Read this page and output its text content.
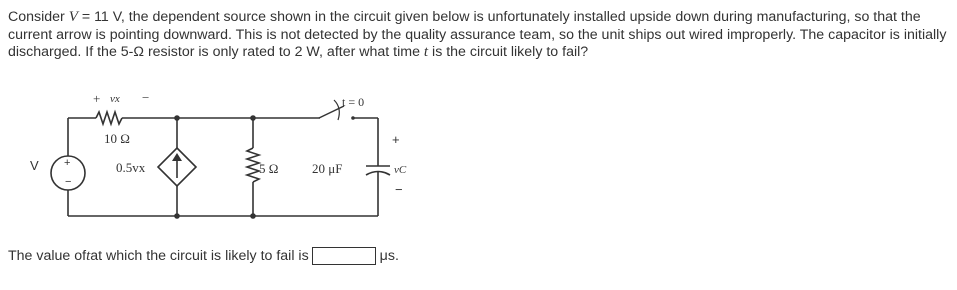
Consider V = 11 V, the dependent source shown in the circuit given below is unfortunately installed upside down during manufacturing, so that the current arrow is pointing downward. This is not detected by the quality assurance team, so the unit ships out wired improperly. The capacitor is initially discharged. If the 5-Ω resistor is only rated to 2 W, after what time t is the circuit likely to fail?
V +
−
+ vx −
10 Ω
0.5vx	5 Ω	20 μF
t = 0
+
vC
−
The value of t at which the circuit is likely to fail is	μs.
